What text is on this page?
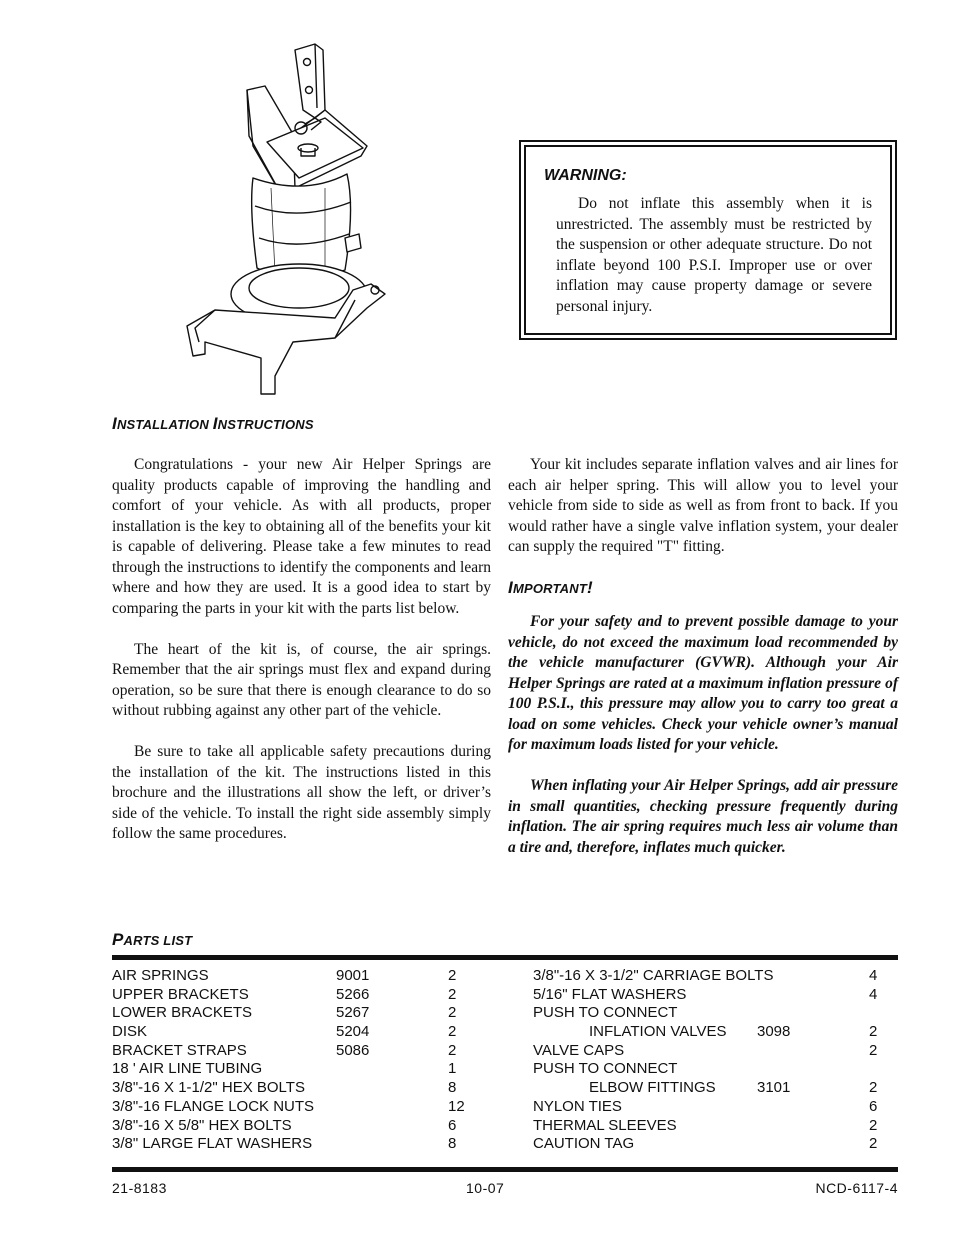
WARNING:

Do not inflate this assembly when it is unrestricted. The assembly must be restricted by the suspension or other adequate structure. Do not inflate beyond 100 P.S.I. Improper use or over inflation may cause property damage or severe personal injury.

INSTALLATION INSTRUCTIONS

Congratulations - your new Air Helper Springs are quality products capable of improving the handling and comfort of your vehicle. As with all products, proper installation is the key to obtaining all of the benefits your kit is capable of delivering. Please take a few minutes to read through the instructions to identify the components and learn where and how they are used. It is a good idea to start by comparing the parts in your kit with the parts list below.

The heart of the kit is, of course, the air springs. Remember that the air springs must flex and expand during operation, so be sure that there is enough clearance to do so without rubbing against any other part of the vehicle.

Be sure to take all applicable safety precautions during the installation of the kit. The instructions listed in this brochure and the illustrations all show the left, or driver’s side of the vehicle. To install the right side assembly simply follow the same procedures.

Your kit includes separate inflation valves and air lines for each air helper spring. This will allow you to level your vehicle from side to side as well as from front to back. If you would rather have a single valve inflation system, your dealer can supply the required "T" fitting.

IMPORTANT!

For your safety and to prevent possible damage to your vehicle, do not exceed the maximum load recommended by the vehicle manufacturer (GVWR). Although your Air Helper Springs are rated at a maximum inflation pressure of 100 P.S.I., this pressure may allow you to carry too great a load on some vehicles. Check your vehicle owner’s manual for maximum loads listed for your vehicle.

When inflating your Air Helper Springs, add air pressure in small quantities, checking pressure frequently during inflation. The air spring requires much less air volume than a tire and, therefore, inflates much quicker.

PARTS LIST
AIR SPRINGS	9001	2
UPPER BRACKETS	5266	2
LOWER BRACKETS	5267	2
DISK	5204	2
BRACKET STRAPS	5086	2
18 ' AIR LINE TUBING	1
3/8"-16 X 1-1/2" HEX BOLTS	8
3/8"-16 FLANGE LOCK NUTS	12
3/8"-16 X 5/8" HEX BOLTS	6
3/8" LARGE FLAT WASHERS	8
3/8"-16 X 3-1/2" CARRIAGE BOLTS	4
5/16" FLAT WASHERS	4
PUSH TO CONNECT
INFLATION VALVES 3098	2
VALVE CAPS	2
PUSH TO CONNECT
ELBOW FITTINGS	3101	2
NYLON TIES	6
THERMAL SLEEVES	2
CAUTION TAG	2
21-8183	10-07	NCD-6117-4
